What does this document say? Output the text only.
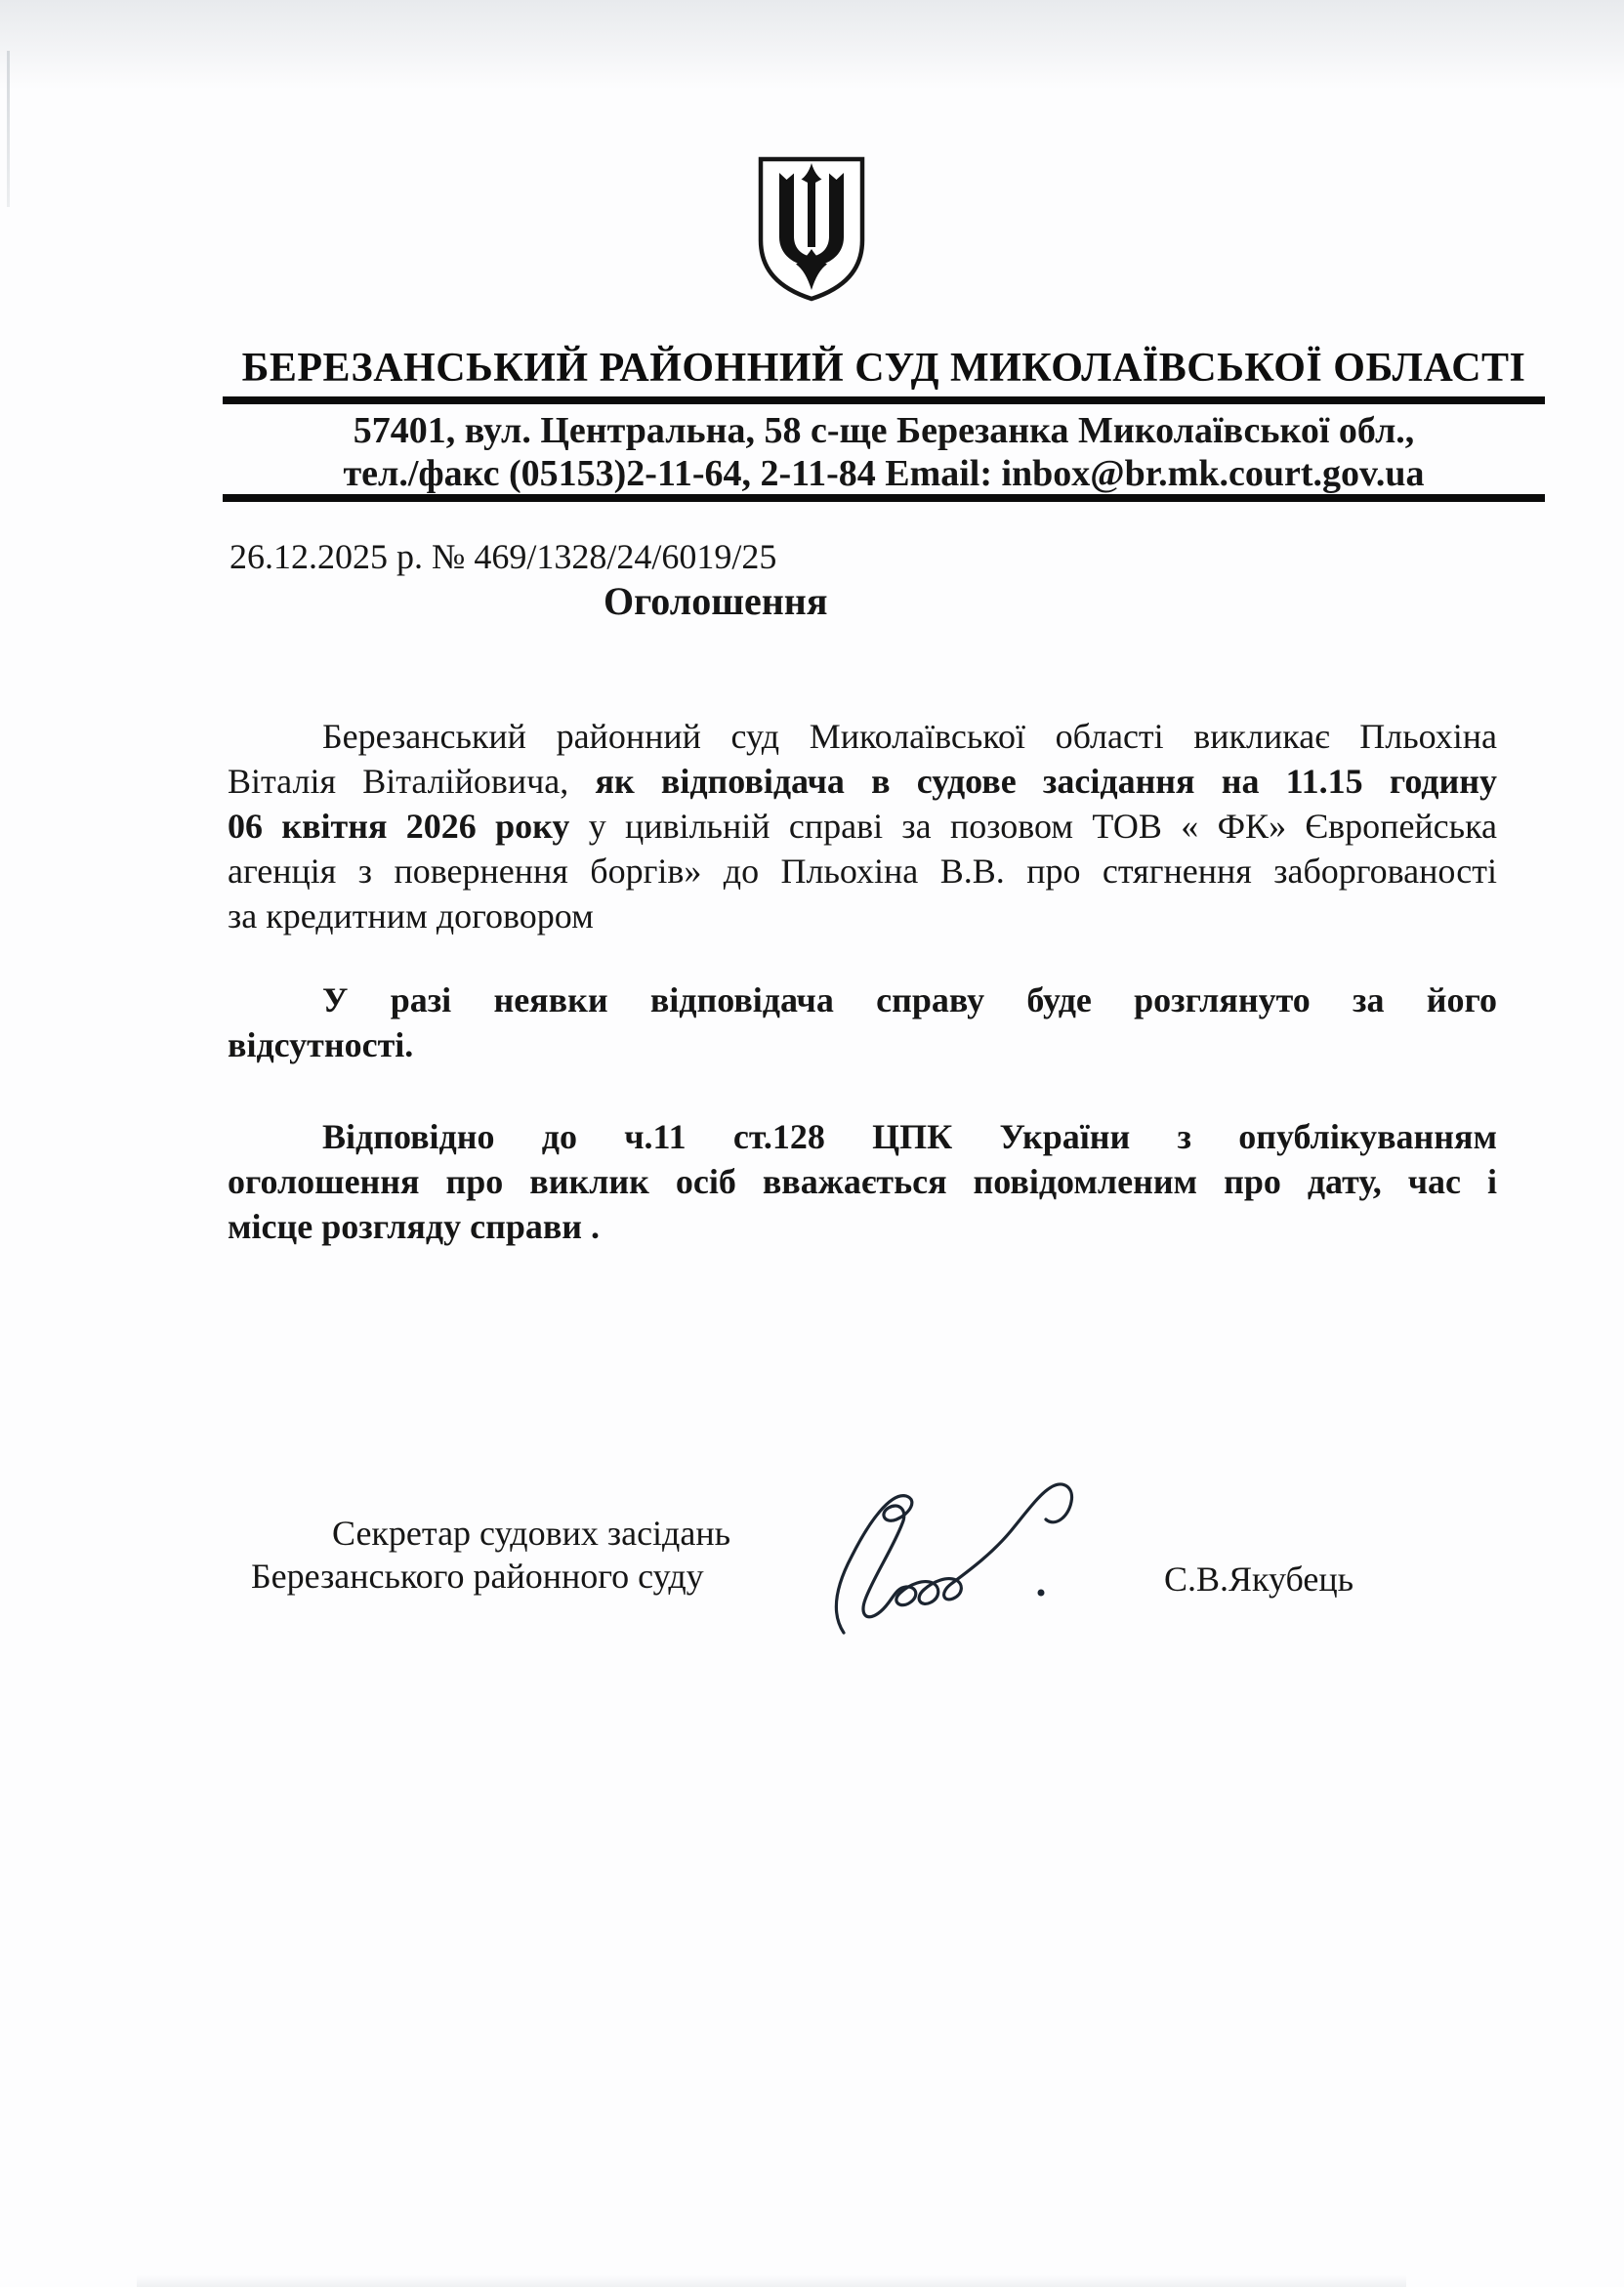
БЕРЕЗАНСЬКИЙ РАЙОННИЙ СУД МИКОЛАЇВСЬКОЇ ОБЛАСТІ
57401, вул. Центральна, 58 с-ще Березанка Миколаївської обл.,
тел./факс (05153)2-11-64, 2-11-84 Email: inbox@br.mk.court.gov.ua
26.12.2025 р. № 469/1328/24/6019/25
Оголошення
Березанський районний суд Миколаївської області викликає Пльохіна
Віталія Віталійовича, як відповідача в судове засідання на 11.15 годину
06 квітня 2026 року у цивільній справі за позовом ТОВ « ФК» Європейська
агенція з повернення боргів» до Пльохіна В.В. про стягнення заборгованості
за кредитним договором
У разі неявки відповідача справу буде розглянуто за його
відсутності.
Відповідно до ч.11 ст.128 ЦПК України з опублікуванням
оголошення про виклик осіб вважається повідомленим про дату, час і
місце розгляду справи .
Секретар судових засідань
Березанського районного суду	С.В.Якубець
